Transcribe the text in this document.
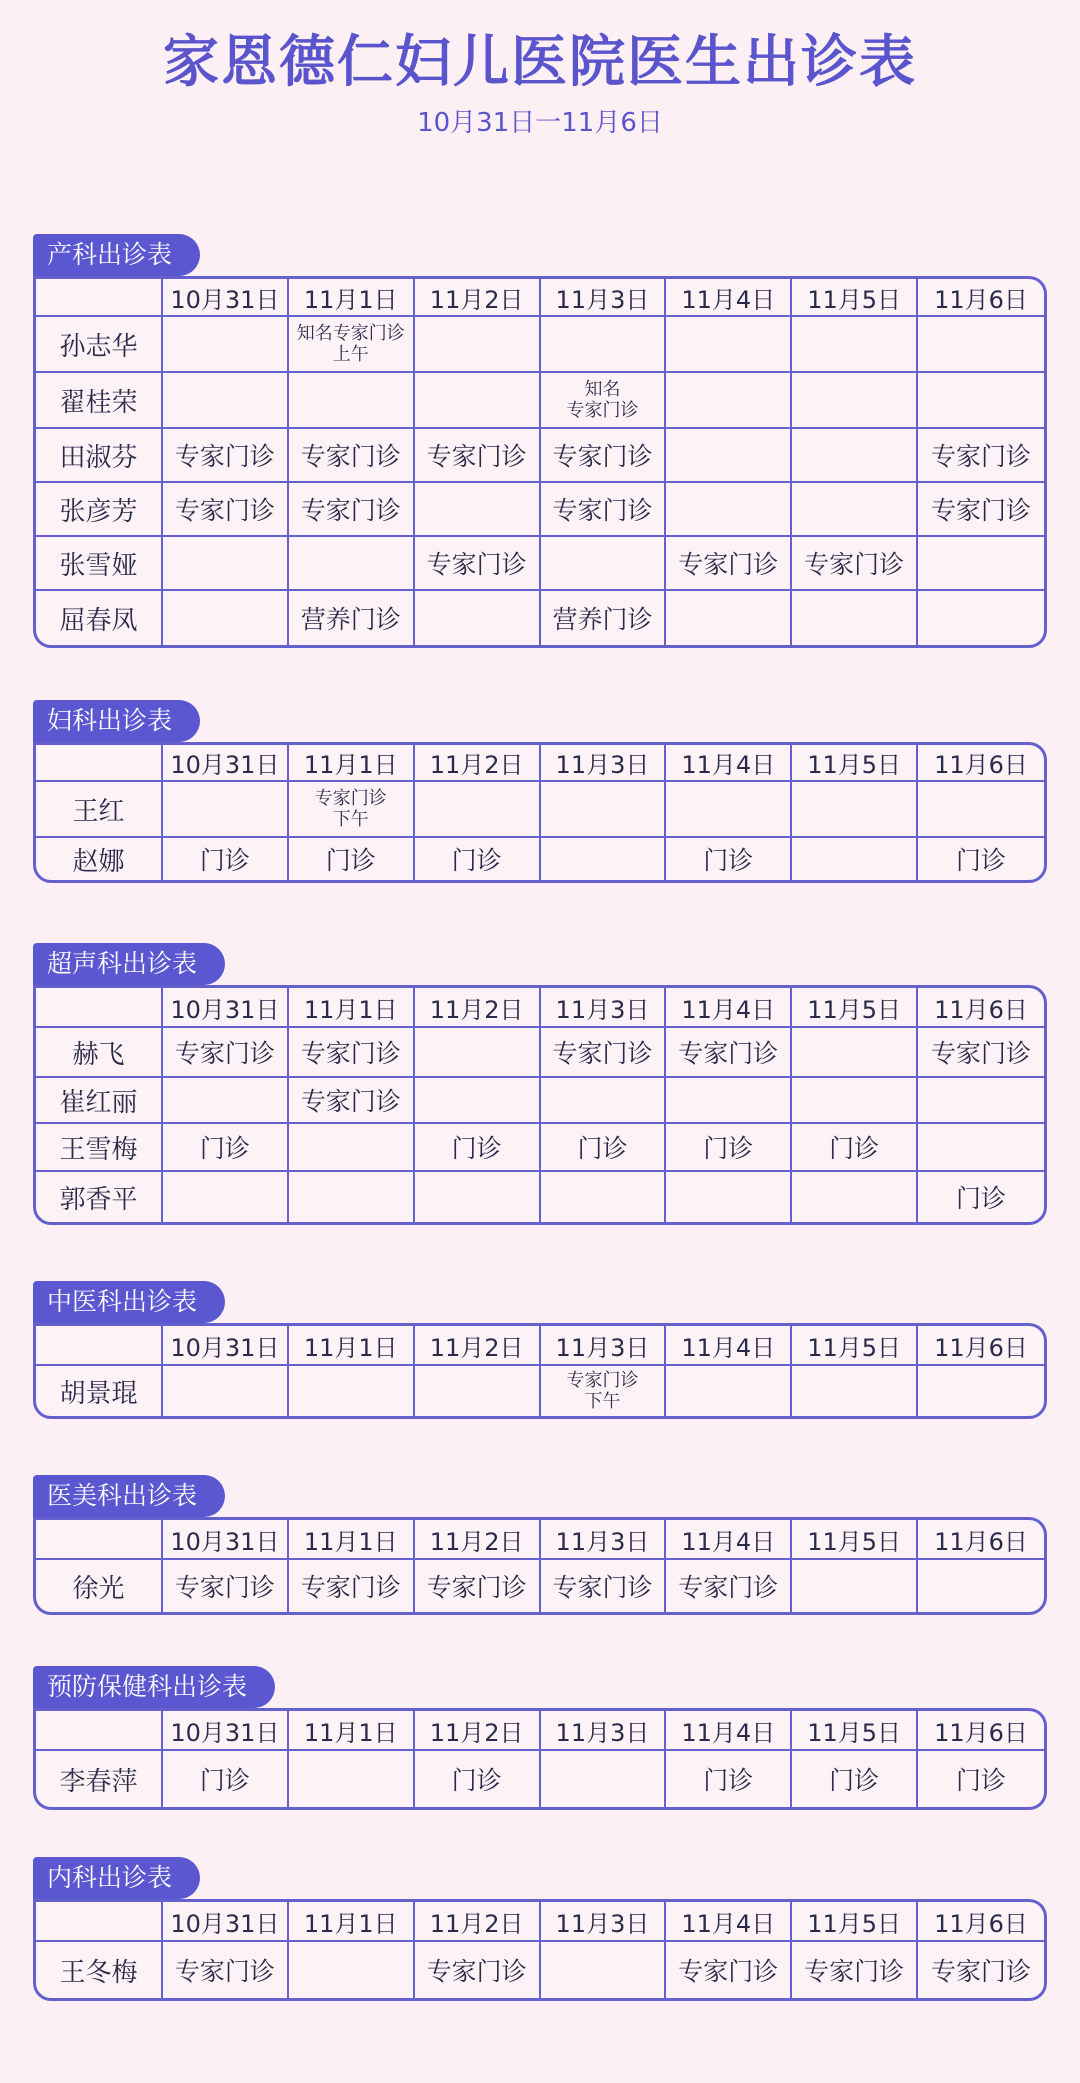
家恩德仁妇儿医院医生出诊表
10月31日一11月6日
产科出诊表
	10月31日	11月1日	11月2日	11月3日	11月4日	11月5日	11月6日
孙志华		知名专家门诊
上午					

翟桂荣				知名
专家门诊			

田淑芬	专家门诊	专家门诊	专家门诊	专家门诊			专家门诊
张彦芳	专家门诊	专家门诊		专家门诊			专家门诊
张雪娅			专家门诊		专家门诊	专家门诊	
屈春凤		营养门诊		营养门诊			
妇科出诊表
	10月31日	11月1日	11月2日	11月3日	11月4日	11月5日	11月6日
王红		专家门诊
下午					

赵娜	门诊	门诊	门诊		门诊		门诊
超声科出诊表
	10月31日	11月1日	11月2日	11月3日	11月4日	11月5日	11月6日
赫飞	专家门诊	专家门诊		专家门诊	专家门诊		专家门诊
崔红丽		专家门诊					
王雪梅	门诊		门诊	门诊	门诊	门诊	
郭香平							门诊
中医科出诊表
	10月31日	11月1日	11月2日	11月3日	11月4日	11月5日	11月6日
胡景琨				专家门诊
下午			

医美科出诊表
	10月31日	11月1日	11月2日	11月3日	11月4日	11月5日	11月6日
徐光	专家门诊	专家门诊	专家门诊	专家门诊	专家门诊		
预防保健科出诊表
	10月31日	11月1日	11月2日	11月3日	11月4日	11月5日	11月6日
李春萍	门诊		门诊		门诊	门诊	门诊
内科出诊表
	10月31日	11月1日	11月2日	11月3日	11月4日	11月5日	11月6日
王冬梅	专家门诊		专家门诊		专家门诊	专家门诊	专家门诊
